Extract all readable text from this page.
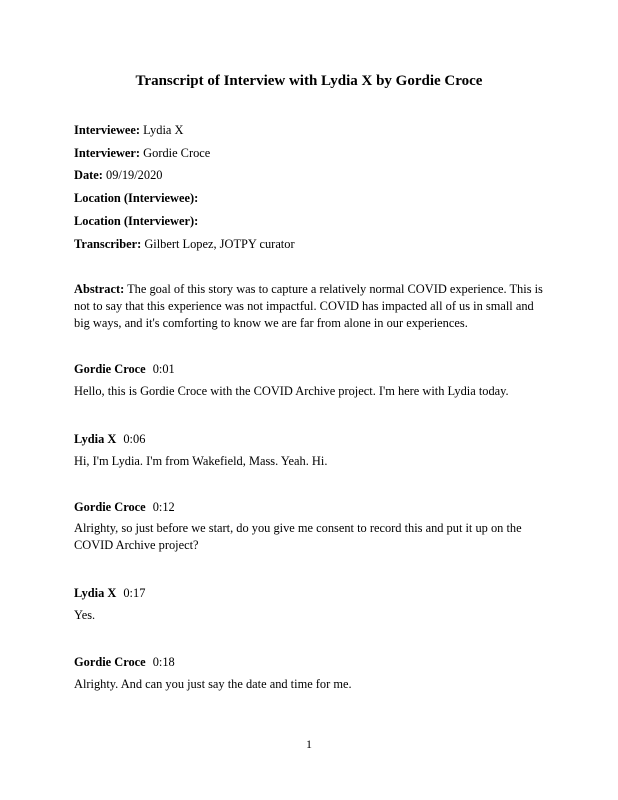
Transcript of Interview with Lydia X by Gordie Croce
Interviewee: Lydia X
Interviewer: Gordie Croce
Date: 09/19/2020
Location (Interviewee):
Location (Interviewer):
Transcriber: Gilbert Lopez, JOTPY curator
Abstract: The goal of this story was to capture a relatively normal COVID experience. This is not to say that this experience was not impactful. COVID has impacted all of us in small and big ways, and it's comforting to know we are far from alone in our experiences.
Gordie Croce 0:01
Hello, this is Gordie Croce with the COVID Archive project. I'm here with Lydia today.
Lydia X 0:06
Hi, I'm Lydia. I'm from Wakefield, Mass. Yeah. Hi.
Gordie Croce 0:12
Alrighty, so just before we start, do you give me consent to record this and put it up on the COVID Archive project?
Lydia X 0:17
Yes.
Gordie Croce 0:18
Alrighty. And can you just say the date and time for me.
1
